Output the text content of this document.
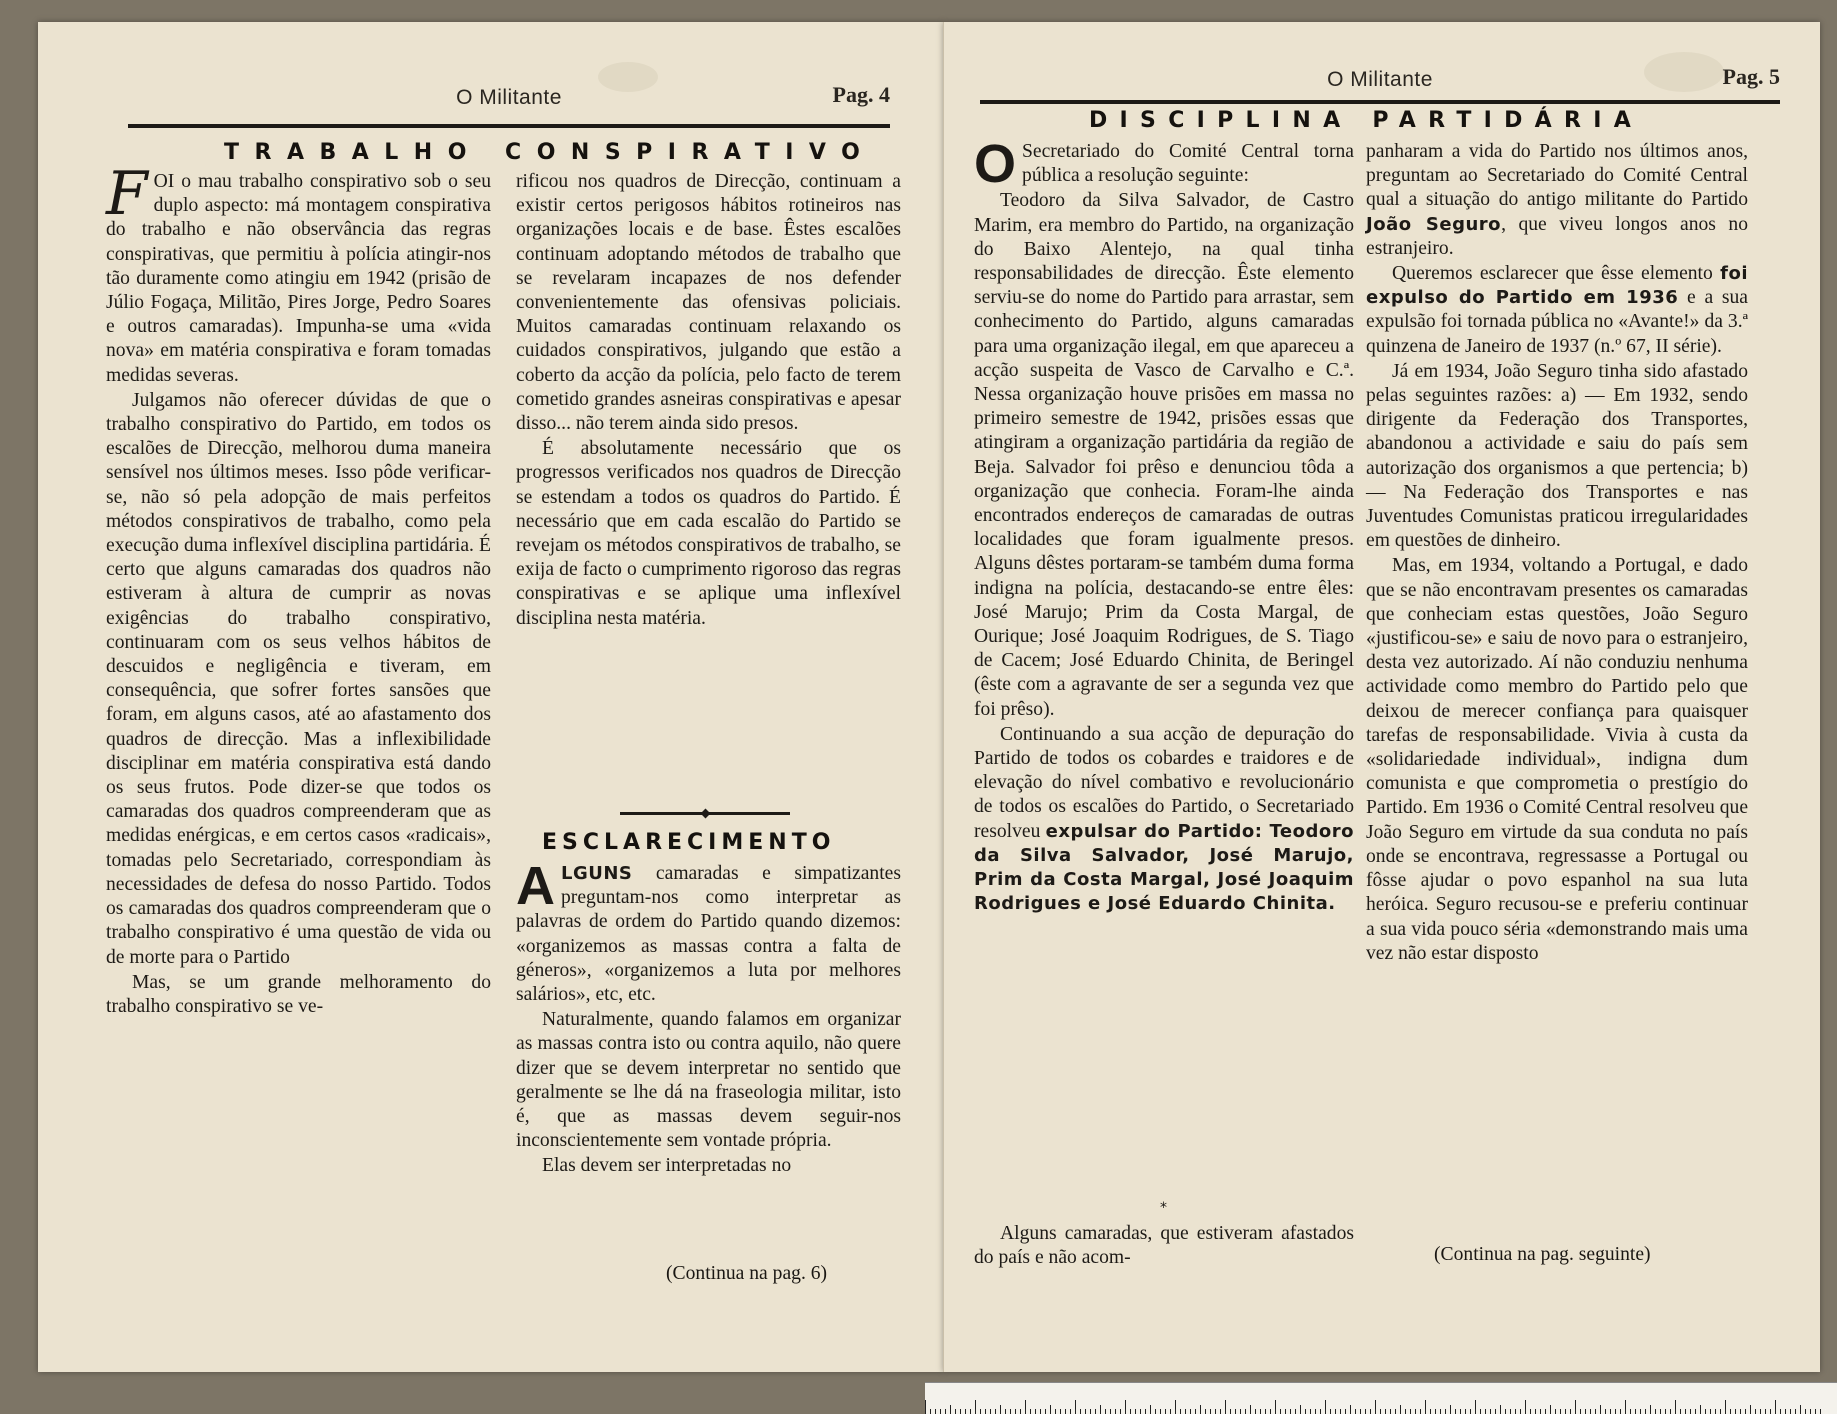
O Militante	Pag. 4
TRABALHO CONSPIRATIVO

FOI o mau trabalho conspirativo sob o seu duplo aspecto: má montagem conspirativa do trabalho e não observância das regras conspirativas, que permitiu à polícia atingir-nos tão duramente como atingiu em 1942 (prisão de Júlio Fogaça, Militão, Pires Jorge, Pedro Soares e outros camaradas). Impunha-se uma «vida nova» em matéria conspirativa e foram tomadas medidas severas.

Julgamos não oferecer dúvidas de que o trabalho conspirativo do Partido, em todos os escalões de Direcção, melhorou duma maneira sensível nos últimos meses. Isso pôde verificar-se, não só pela adopção de mais perfeitos métodos conspirativos de trabalho, como pela execução duma inflexível disciplina partidária. É certo que alguns camaradas dos quadros não estiveram à altura de cumprir as novas exigências do trabalho conspirativo, continuaram com os seus velhos hábitos de descuidos e negligência e tiveram, em consequência, que sofrer fortes sansões que foram, em alguns casos, até ao afastamento dos quadros de direcção. Mas a inflexibilidade disciplinar em matéria conspirativa está dando os seus frutos. Pode dizer-se que todos os camaradas dos quadros compreenderam que as medidas enérgicas, e em certos casos «radicais», tomadas pelo Secretariado, correspondiam às necessidades de defesa do nosso Partido. Todos os camaradas dos quadros compreenderam que o trabalho conspirativo é uma questão de vida ou de morte para o Partido

Mas, se um grande melhoramento do trabalho conspirativo se ve-

rificou nos quadros de Direcção, continuam a existir certos perigosos hábitos rotineiros nas organizações locais e de base. Êstes escalões continuam adoptando métodos de trabalho que se revelaram incapazes de nos defender convenientemente das ofensivas policiais. Muitos camaradas continuam relaxando os cuidados conspirativos, julgando que estão a coberto da acção da polícia, pelo facto de terem cometido grandes asneiras conspirativas e apesar disso... não terem ainda sido presos.

É absolutamente necessário que os progressos verificados nos quadros de Direcção se estendam a todos os quadros do Partido. É necessário que em cada escalão do Partido se revejam os métodos conspirativos de trabalho, se exija de facto o cumprimento rigoroso das regras conspirativas e se aplique uma inflexível disciplina nesta matéria.

ESCLARECIMENTO

ALGUNS camaradas e simpatizantes preguntam-nos como interpretar as palavras de ordem do Partido quando dizemos: «organizemos as massas contra a falta de géneros», «organizemos a luta por melhores salários», etc, etc.

Naturalmente, quando falamos em organizar as massas contra isto ou contra aquilo, não quere dizer que se devem interpretar no sentido que geralmente se lhe dá na fraseologia militar, isto é, que as massas devem seguir-nos inconscientemente sem vontade própria.

Elas devem ser interpretadas no

(Continua na pag. 6)
O Militante	Pag. 5
DISCIPLINA PARTIDÁRIA

O Secretariado do Comité Central torna pública a resolução seguinte:

Teodoro da Silva Salvador, de Castro Marim, era membro do Partido, na organização do Baixo Alentejo, na qual tinha responsabilidades de direcção. Êste elemento serviu-se do nome do Partido para arrastar, sem conhecimento do Partido, alguns camaradas para uma organização ilegal, em que apareceu a acção suspeita de Vasco de Carvalho e C.ª. Nessa organização houve prisões em massa no primeiro semestre de 1942, prisões essas que atingiram a organização partidária da região de Beja. Salvador foi prêso e denunciou tôda a organização que conhecia. Foram-lhe ainda encontrados endereços de camaradas de outras localidades que foram igualmente presos. Alguns dêstes portaram-se também duma forma indigna na polícia, destacando-se entre êles: José Marujo; Prim da Costa Margal, de Ourique; José Joaquim Rodrigues, de S. Tiago de Cacem; José Eduardo Chinita, de Beringel (êste com a agravante de ser a segunda vez que foi prêso).

Continuando a sua acção de depuração do Partido de todos os cobardes e traidores e de elevação do nível combativo e revolucionário de todos os escalões do Partido, o Secretariado resolveu expulsar do Partido: Teodoro da Silva Salvador, José Marujo, Prim da Costa Margal, José Joaquim Rodrigues e José Eduardo Chinita.

*

Alguns camaradas, que estiveram afastados do país e não acom-

panharam a vida do Partido nos últimos anos, preguntam ao Secretariado do Comité Central qual a situação do antigo militante do Partido João Seguro, que viveu longos anos no estranjeiro.

Queremos esclarecer que êsse elemento foi expulso do Partido em 1936 e a sua expulsão foi tornada pública no «Avante!» da 3.ª quinzena de Janeiro de 1937 (n.º 67, II série).

Já em 1934, João Seguro tinha sido afastado pelas seguintes razões: a) — Em 1932, sendo dirigente da Federação dos Transportes, abandonou a actividade e saiu do país sem autorização dos organismos a que pertencia; b) — Na Federação dos Transportes e nas Juventudes Comunistas praticou irregularidades em questões de dinheiro.

Mas, em 1934, voltando a Portugal, e dado que se não encontravam presentes os camaradas que conheciam estas questões, João Seguro «justificou-se» e saiu de novo para o estranjeiro, desta vez autorizado. Aí não conduziu nenhuma actividade como membro do Partido pelo que deixou de merecer confiança para quaisquer tarefas de responsabilidade. Vivia à custa da «solidariedade individual», indigna dum comunista e que comprometia o prestígio do Partido. Em 1936 o Comité Central resolveu que João Seguro em virtude da sua conduta no país onde se encontrava, regressasse a Portugal ou fôsse ajudar o povo espanhol na sua luta heróica. Seguro recusou-se e preferiu continuar a sua vida pouco séria «demonstrando mais uma vez não estar disposto

(Continua na pag. seguinte)
